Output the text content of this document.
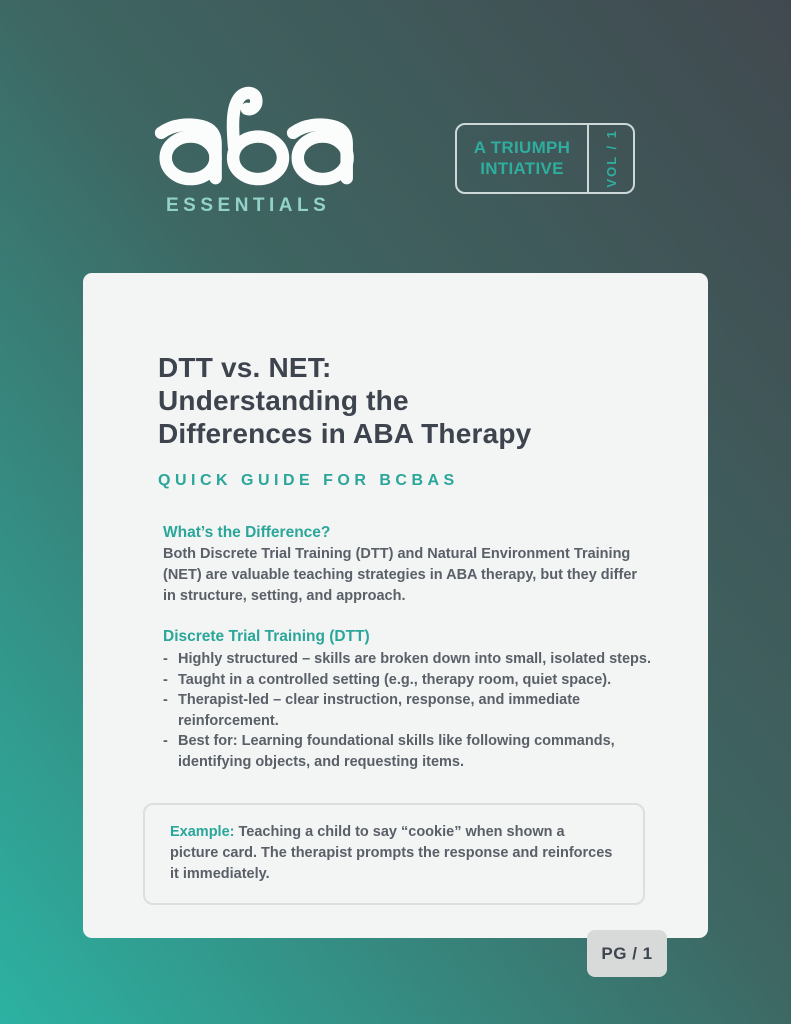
ESSENTIALS
A TRIUMPH
INTIATIVE	VOL / 1
DTT vs. NET:
Understanding the
Differences in ABA Therapy
QUICK GUIDE FOR BCBAS
What’s the Difference?

Both Discrete Trial Training (DTT) and Natural Environment Training (NET) are valuable teaching strategies in ABA therapy, but they differ in structure, setting, and approach.

Discrete Trial Training (DTT)
- Highly structured – skills are broken down into small, isolated steps.
- Taught in a controlled setting (e.g., therapy room, quiet space).
- Therapist-led – clear instruction, response, and immediate reinforcement.
- Best for: Learning foundational skills like following commands, identifying objects, and requesting items.

Example: Teaching a child to say “cookie” when shown a picture card. The therapist prompts the response and reinforces it immediately.

PG / 1
